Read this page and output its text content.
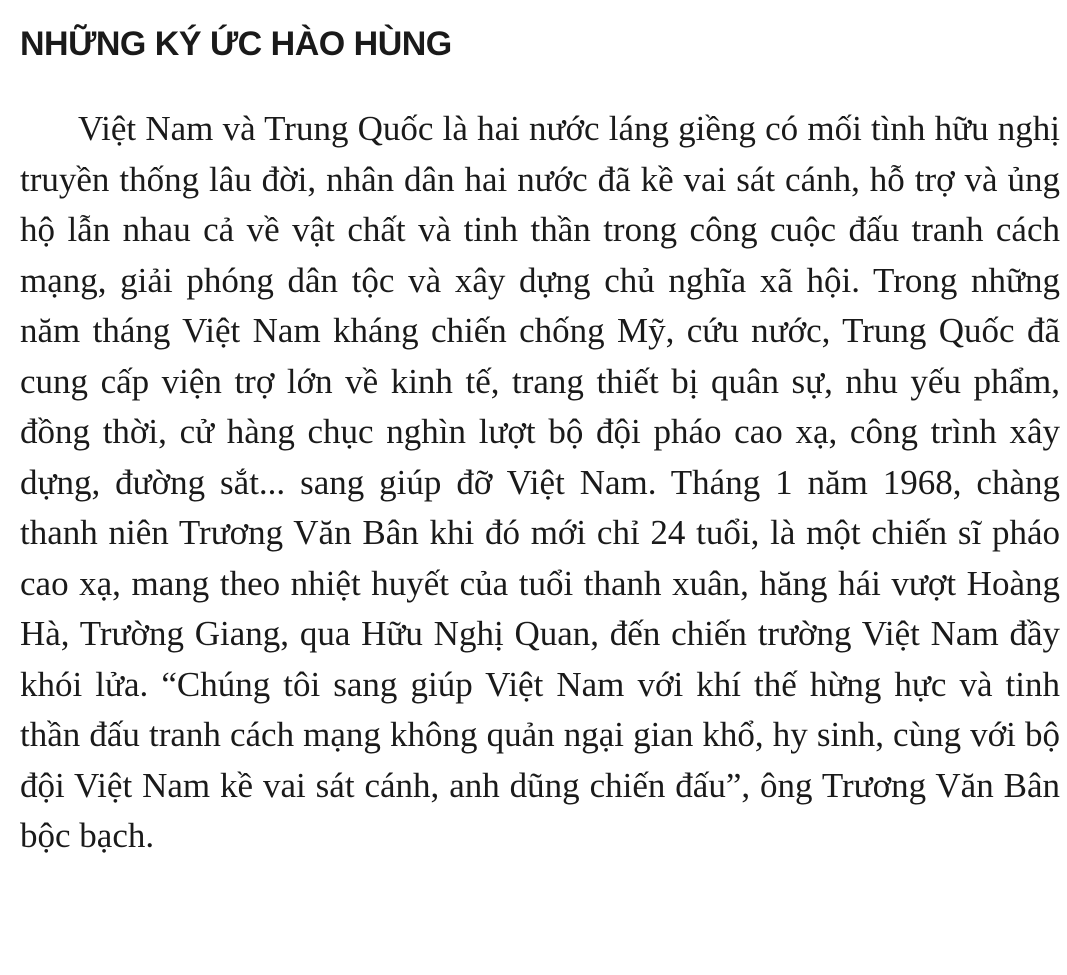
NHỮNG KÝ ỨC HÀO HÙNG

Việt Nam và Trung Quốc là hai nước láng giềng có mối tình hữu nghị truyền thống lâu đời, nhân dân hai nước đã kề vai sát cánh, hỗ trợ và ủng hộ lẫn nhau cả về vật chất và tinh thần trong công cuộc đấu tranh cách mạng, giải phóng dân tộc và xây dựng chủ nghĩa xã hội. Trong những năm tháng Việt Nam kháng chiến chống Mỹ, cứu nước, Trung Quốc đã cung cấp viện trợ lớn về kinh tế, trang thiết bị quân sự, nhu yếu phẩm, đồng thời, cử hàng chục nghìn lượt bộ đội pháo cao xạ, công trình xây dựng, đường sắt... sang giúp đỡ Việt Nam. Tháng 1 năm 1968, chàng thanh niên Trương Văn Bân khi đó mới chỉ 24 tuổi, là một chiến sĩ pháo cao xạ, mang theo nhiệt huyết của tuổi thanh xuân, hăng hái vượt Hoàng Hà, Trường Giang, qua Hữu Nghị Quan, đến chiến trường Việt Nam đầy khói lửa. “Chúng tôi sang giúp Việt Nam với khí thế hừng hực và tinh thần đấu tranh cách mạng không quản ngại gian khổ, hy sinh, cùng với bộ đội Việt Nam kề vai sát cánh, anh dũng chiến đấu”, ông Trương Văn Bân bộc bạch.
